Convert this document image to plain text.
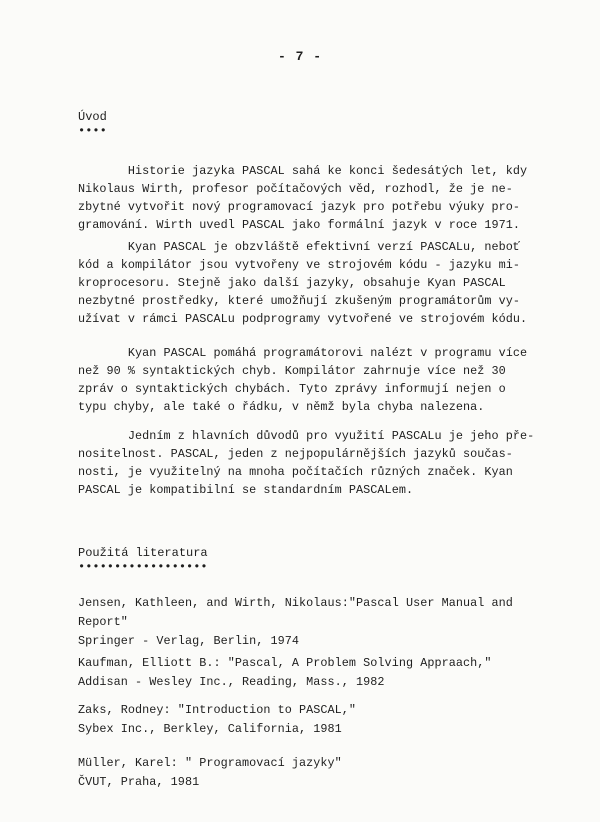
- 7 -
Úvod
••••
Historie jazyka PASCAL sahá ke konci šedesátých let, kdy
Nikolaus Wirth, profesor počítačových věd, rozhodl, že je ne-
zbytné vytvořit nový programovací jazyk pro potřebu výuky pro-
gramování. Wirth uvedl PASCAL jako formální jazyk v roce 1971.
Kyan PASCAL je obzvláště efektivní verzí PASCALu, neboť
kód a kompilátor jsou vytvořeny ve strojovém kódu - jazyku mi-
kroprocesoru. Stejně jako další jazyky, obsahuje Kyan PASCAL
nezbytné prostředky, které umožňují zkušeným programátorům vy-
užívat v rámci PASCALu podprogramy vytvořené ve strojovém kódu.
Kyan PASCAL pomáhá programátorovi nalézt v programu více
než 90 % syntaktických chyb. Kompilátor zahrnuje více než 30
zpráv o syntaktických chybách. Tyto zprávy informují nejen o
typu chyby, ale také o řádku, v němž byla chyba nalezena.
Jedním z hlavních důvodů pro využití PASCALu je jeho pře-
nositelnost. PASCAL, jeden z nejpopulárnějších jazyků součas-
nosti, je využitelný na mnoha počítačích různých značek. Kyan
PASCAL je kompatibilní se standardním PASCALem.
Použitá literatura
••••••••••••••••••
Jensen, Kathleen, and Wirth, Nikolaus:"Pascal User Manual and
Report"
Springer - Verlag, Berlin, 1974
Kaufman, Elliott B.: "Pascal, A Problem Solving Appraach,"
Addisan - Wesley Inc., Reading, Mass., 1982
Zaks, Rodney: "Introduction to PASCAL,"
Sybex Inc., Berkley, California, 1981
Müller, Karel: " Programovací jazyky"
ČVUT, Praha, 1981
